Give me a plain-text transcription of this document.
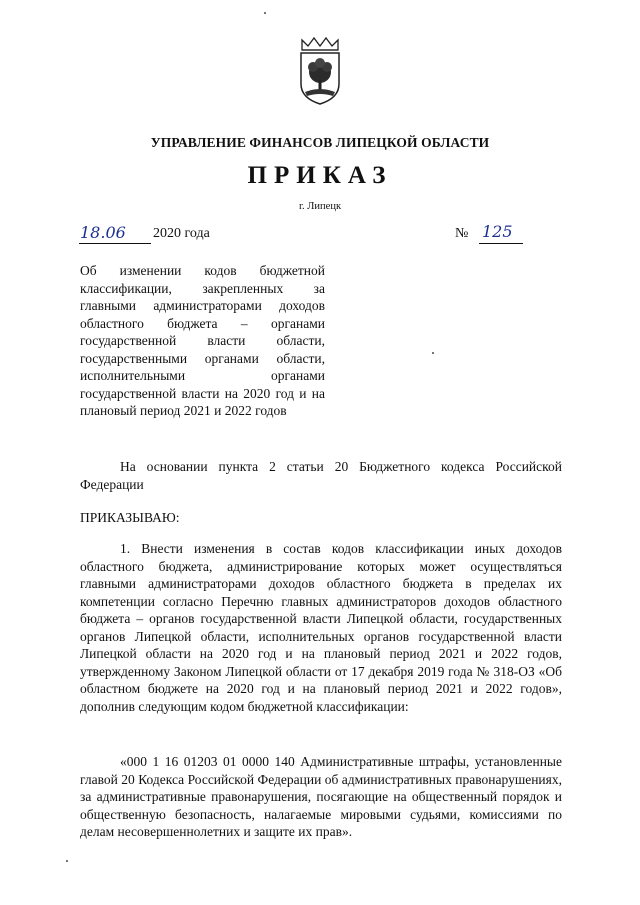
УПРАВЛЕНИЕ ФИНАНСОВ ЛИПЕЦКОЙ ОБЛАСТИ
ПРИКАЗ
г. Липецк
18.06 2020 года	№ 125
Об изменении кодов бюджетной классификации, закрепленных за главными администраторами доходов областного бюджета – органами государственной власти области, государственными органами области, исполнительными органами государственной власти на 2020 год и на плановый период 2021 и 2022 годов
На основании пункта 2 статьи 20 Бюджетного кодекса Российской Федерации
ПРИКАЗЫВАЮ:
1. Внести изменения в состав кодов классификации иных доходов областного бюджета, администрирование которых может осуществляться главными администраторами доходов областного бюджета в пределах их компетенции согласно Перечню главных администраторов доходов областного бюджета – органов государственной власти Липецкой области, государственных органов Липецкой области, исполнительных органов государственной власти Липецкой области на 2020 год и на плановый период 2021 и 2022 годов, утвержденному Законом Липецкой области от 17 декабря 2019 года № 318-ОЗ «Об областном бюджете на 2020 год и на плановый период 2021 и 2022 годов», дополнив следующим кодом бюджетной классификации:
«000 1 16 01203 01 0000 140 Административные штрафы, установленные главой 20 Кодекса Российской Федерации об административных правонарушениях, за административные правонарушения, посягающие на общественный порядок и общественную безопасность, налагаемые мировыми судьями, комиссиями по делам несовершеннолетних и защите их прав».
